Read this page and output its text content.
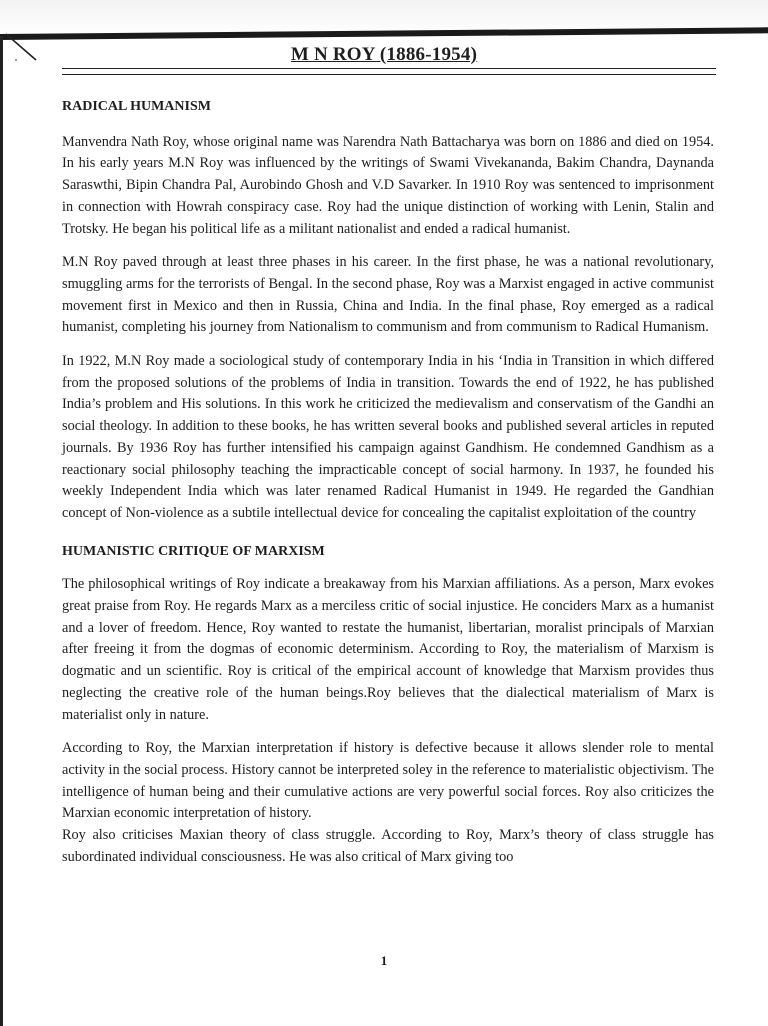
M N ROY (1886-1954)
RADICAL HUMANISM

Manvendra Nath Roy, whose original name was Narendra Nath Battacharya was born on 1886 and died on 1954. In his early years M.N Roy was influenced by the writings of Swami Vivekananda, Bakim Chandra, Daynanda Saraswthi, Bipin Chandra Pal, Aurobindo Ghosh and V.D Savarker. In 1910 Roy was sentenced to imprisonment in connection with Howrah conspiracy case. Roy had the unique distinction of working with Lenin, Stalin and Trotsky. He began his political life as a militant nationalist and ended a radical humanist.

M.N Roy paved through at least three phases in his career. In the first phase, he was a national revolutionary, smuggling arms for the terrorists of Bengal. In the second phase, Roy was a Marxist engaged in active communist movement first in Mexico and then in Russia, China and India. In the final phase, Roy emerged as a radical humanist, completing his journey from Nationalism to communism and from communism to Radical Humanism.

In 1922, M.N Roy made a sociological study of contemporary India in his ‘India in Transition in which differed from the proposed solutions of the problems of India in transition. Towards the end of 1922, he has published India’s problem and His solutions. In this work he criticized the medievalism and conservatism of the Gandhi an social theology. In addition to these books, he has written several books and published several articles in reputed journals. By 1936 Roy has further intensified his campaign against Gandhism. He condemned Gandhism as a reactionary social philosophy teaching the impracticable concept of social harmony. In 1937, he founded his weekly Independent India which was later renamed Radical Humanist in 1949. He regarded the Gandhian concept of Non-violence as a subtile intellectual device for concealing the capitalist exploitation of the country

HUMANISTIC CRITIQUE OF MARXISM

The philosophical writings of Roy indicate a breakaway from his Marxian affiliations. As a person, Marx evokes great praise from Roy. He regards Marx as a merciless critic of social injustice. He conciders Marx as a humanist and a lover of freedom. Hence, Roy wanted to restate the humanist, libertarian, moralist principals of Marxian after freeing it from the dogmas of economic determinism. According to Roy, the materialism of Marxism is dogmatic and un scientific. Roy is critical of the empirical account of knowledge that Marxism provides thus neglecting the creative role of the human beings.Roy believes that the dialectical materialism of Marx is materialist only in nature.

According to Roy, the Marxian interpretation if history is defective because it allows slender role to mental activity in the social process. History cannot be interpreted soley in the reference to materialistic objectivism. The intelligence of human being and their cumulative actions are very powerful social forces. Roy also criticizes the Marxian economic interpretation of history.

Roy also criticises Maxian theory of class struggle. According to Roy, Marx’s theory of class struggle has subordinated individual consciousness. He was also critical of Marx giving too

1
